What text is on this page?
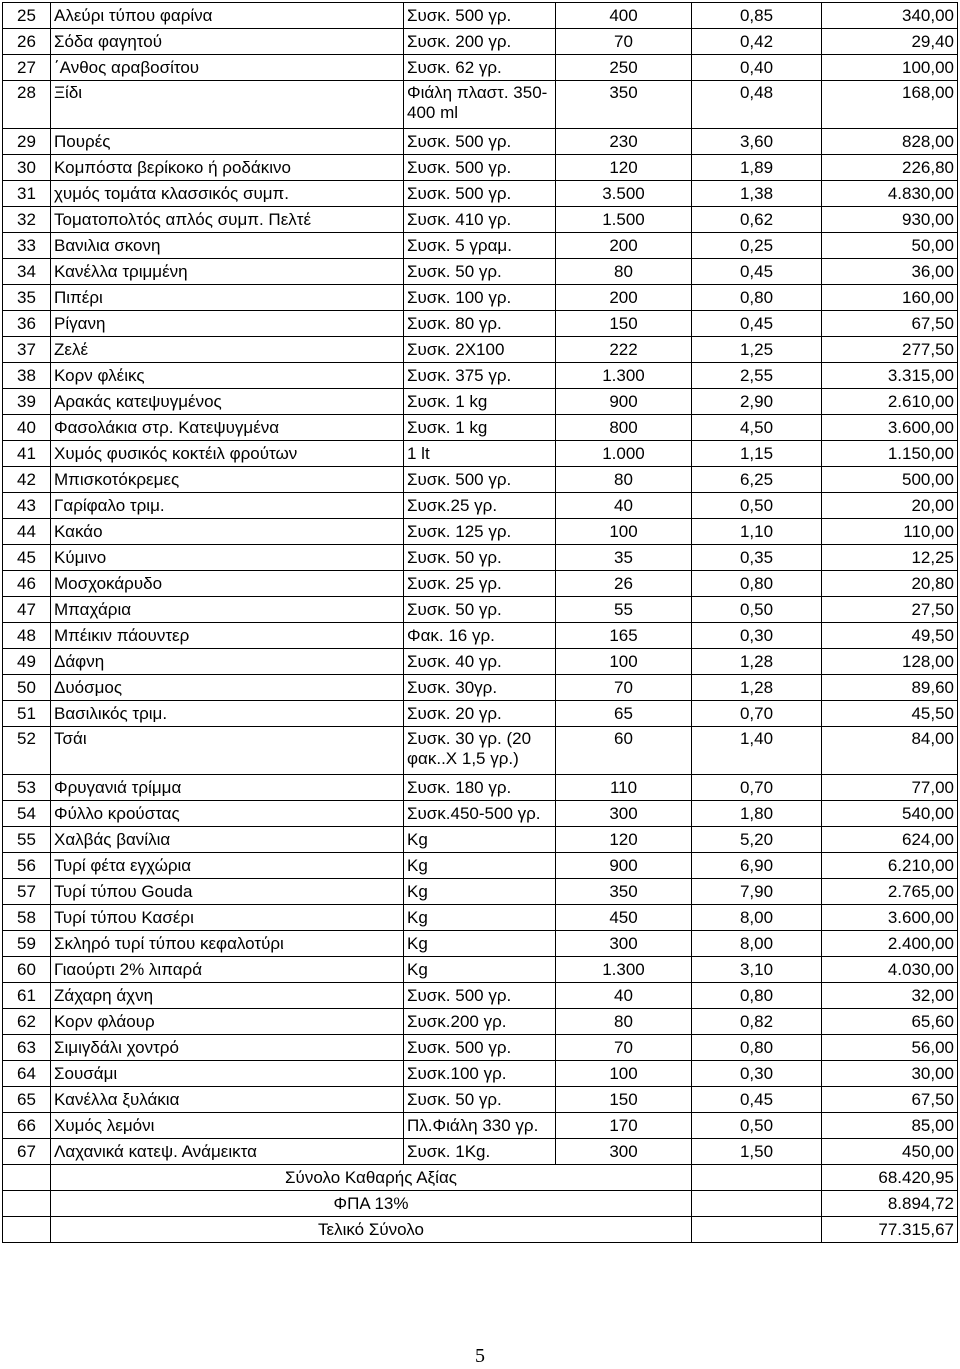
25	Αλεύρι τύπου φαρίνα	Συσκ. 500 γρ.	400	0,85	340,00
26	Σόδα φαγητού	Συσκ. 200 γρ.	70	0,42	29,40
27	΄Ανθος αραβοσίτου	Συσκ. 62 γρ.	250	0,40	100,00
28	Ξίδι	Φιάλη πλαστ. 350-400 ml	350	0,48	168,00
29	Πουρές	Συσκ. 500 γρ.	230	3,60	828,00
30	Κομπόστα βερίκοκο ή ροδάκινο	Συσκ. 500 γρ.	120	1,89	226,80
31	χυμός τομάτα κλασσικός συμπ.	Συσκ. 500 γρ.	3.500	1,38	4.830,00
32	Τοματοπολτός απλός συμπ. Πελτέ	Συσκ. 410 γρ.	1.500	0,62	930,00
33	Βανιλια σκονη	Συσκ. 5 γραμ.	200	0,25	50,00
34	Κανέλλα τριμμένη	Συσκ. 50 γρ.	80	0,45	36,00
35	Πιπέρι	Συσκ. 100 γρ.	200	0,80	160,00
36	Ρίγανη	Συσκ. 80 γρ.	150	0,45	67,50
37	Ζελέ	Συσκ. 2Χ100	222	1,25	277,50
38	Κορν φλέικς	Συσκ. 375 γρ.	1.300	2,55	3.315,00
39	Αρακάς κατεψυγμένος	Συσκ. 1 kg	900	2,90	2.610,00
40	Φασολάκια στρ. Κατεψυγμένα	Συσκ. 1 kg	800	4,50	3.600,00
41	Χυμός φυσικός κοκτέιλ φρούτων	1 lt	1.000	1,15	1.150,00
42	Μπισκοτόκρεμες	Συσκ. 500 γρ.	80	6,25	500,00
43	Γαρίφαλο τριμ.	Συσκ.25 γρ.	40	0,50	20,00
44	Κακάο	Συσκ. 125 γρ.	100	1,10	110,00
45	Κύμινο	Συσκ. 50 γρ.	35	0,35	12,25
46	Μοσχοκάρυδο	Συσκ. 25 γρ.	26	0,80	20,80
47	Μπαχάρια	Συσκ. 50 γρ.	55	0,50	27,50
48	Μπέικιν πάουντερ	Φακ. 16 γρ.	165	0,30	49,50
49	Δάφνη	Συσκ. 40 γρ.	100	1,28	128,00
50	Δυόσμος	Συσκ. 30γρ.	70	1,28	89,60
51	Βασιλικός τριμ.	Συσκ. 20 γρ.	65	0,70	45,50
52	Τσάι	Συσκ. 30 γρ. (20 φακ..Χ 1,5 γρ.)	60	1,40	84,00
53	Φρυγανιά τρίμμα	Συσκ. 180 γρ.	110	0,70	77,00
54	Φύλλο κρούστας	Συσκ.450-500 γρ.	300	1,80	540,00
55	Χαλβάς βανίλια	Kg	120	5,20	624,00
56	Τυρί φέτα εγχώρια	Kg	900	6,90	6.210,00
57	Τυρί τύπου Gouda	Kg	350	7,90	2.765,00
58	Τυρί τύπου Κασέρι	Kg	450	8,00	3.600,00
59	Σκληρό τυρί τύπου κεφαλοτύρι	Kg	300	8,00	2.400,00
60	Γιαούρτι 2% λιπαρά	Kg	1.300	3,10	4.030,00
61	Ζάχαρη άχνη	Συσκ. 500 γρ.	40	0,80	32,00
62	Κορν φλάουρ	Συσκ.200 γρ.	80	0,82	65,60
63	Σιμιγδάλι χοντρό	Συσκ. 500 γρ.	70	0,80	56,00
64	Σουσάμι	Συσκ.100 γρ.	100	0,30	30,00
65	Κανέλλα ξυλάκια	Συσκ. 50 γρ.	150	0,45	67,50
66	Χυμός λεμόνι	Πλ.Φιάλη 330 γρ.	170	0,50	85,00
67	Λαχανικά κατεψ. Ανάμεικτα	Συσκ. 1Kg.	300	1,50	450,00
	Σύνολο Καθαρής Αξίας				68.420,95
	ΦΠΑ 13%				8.894,72
	Τελικό Σύνολο				77.315,67
5
